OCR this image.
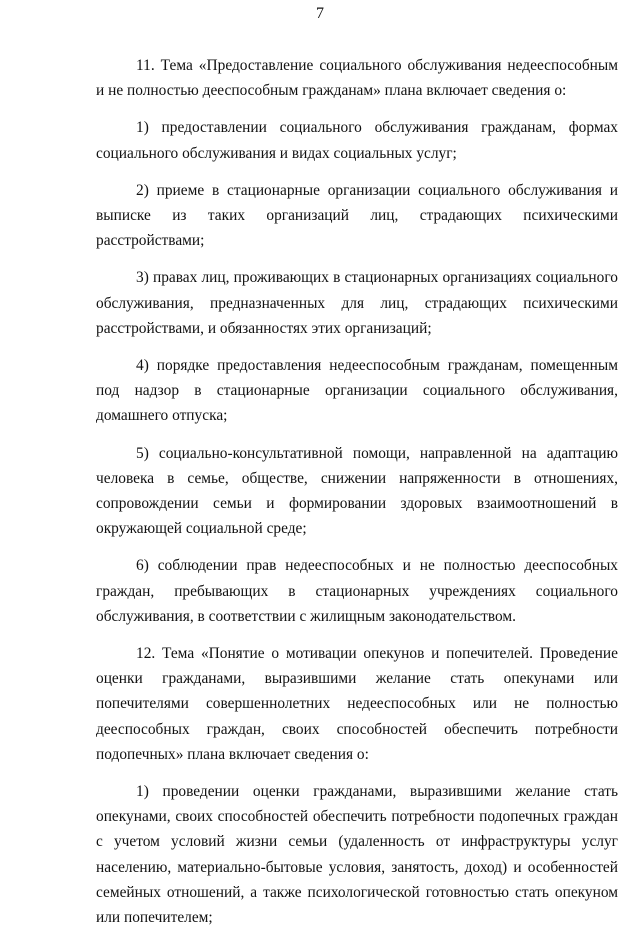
7

11. Тема «Предоставление социального обслуживания недееспособным и не полностью дееспособным гражданам» плана включает сведения о:

1) предоставлении социального обслуживания гражданам, формах социального обслуживания и видах социальных услуг;

2) приеме в стационарные организации социального обслуживания и выписке из таких организаций лиц, страдающих психическими расстройствами;

3) правах лиц, проживающих в стационарных организациях социального обслуживания, предназначенных для лиц, страдающих психическими расстройствами, и обязанностях этих организаций;

4) порядке предоставления недееспособным гражданам, помещенным под надзор в стационарные организации социального обслуживания, домашнего отпуска;

5) социально-консультативной помощи, направленной на адаптацию человека в семье, обществе, снижении напряженности в отношениях, сопровождении семьи и формировании здоровых взаимоотношений в окружающей социальной среде;

6) соблюдении прав недееспособных и не полностью дееспособных граждан, пребывающих в стационарных учреждениях социального обслуживания, в соответствии с жилищным законодательством.

12. Тема «Понятие о мотивации опекунов и попечителей. Проведение оценки гражданами, выразившими желание стать опекунами или попечителями совершеннолетних недееспособных или не полностью дееспособных граждан, своих способностей обеспечить потребности подопечных» плана включает сведения о:

1) проведении оценки гражданами, выразившими желание стать опекунами, своих способностей обеспечить потребности подопечных граждан с учетом условий жизни семьи (удаленность от инфраструктуры услуг населению, материально-бытовые условия, занятость, доход) и особенностей семейных отношений, а также психологической готовностью стать опекуном или попечителем;
